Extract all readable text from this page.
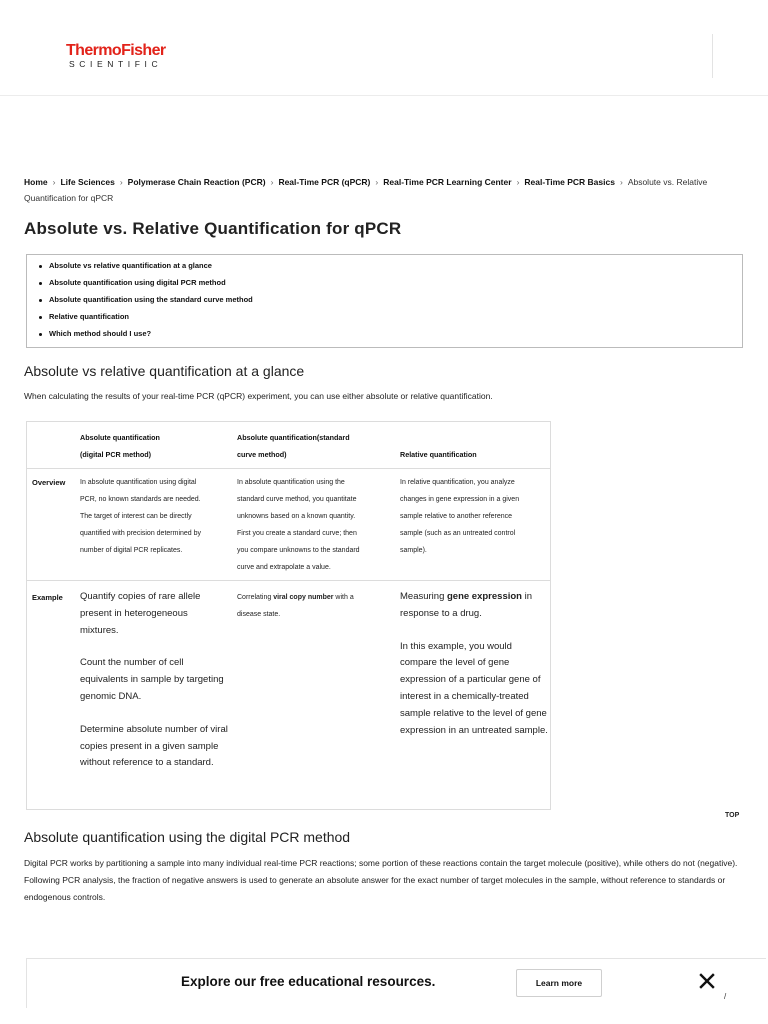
ThermoFisher
SCIENTIFIC
Home › Life Sciences › Polymerase Chain Reaction (PCR) › Real-Time PCR (qPCR) › Real-Time PCR Learning Center › Real-Time PCR Basics › Absolute vs. Relative Quantification for qPCR
Absolute vs. Relative Quantification for qPCR
Absolute vs relative quantification at a glance
Absolute quantification using digital PCR method
Absolute quantification using the standard curve method
Relative quantification
Which method should I use?
Absolute vs relative quantification at a glance

When calculating the results of your real-time PCR (qPCR) experiment, you can use either absolute or relative quantification.

Absolute quantification
(digital PCR method)
Absolute quantification(standard
curve method)	Relative quantification
Overview In absolute quantification using digital
PCR, no known standards are needed.
The target of interest can be directly
quantified with precision determined by
number of digital PCR replicates.
In absolute quantification using the
standard curve method, you quantitate
unknowns based on a known quantity.
First you create a standard curve; then
you compare unknowns to the standard
curve and extrapolate a value.
In relative quantification, you analyze
changes in gene expression in a given
sample relative to another reference
sample (such as an untreated control
sample).
Example Quantify copies of rare allele present in heterogeneous mixtures.

Count the number of cell equivalents in sample by targeting genomic DNA.

Determine absolute number of viral copies present in a given sample without reference to a standard.

Correlating viral copy number with a
disease state.

Measuring gene expression in response to a drug.

In this example, you would compare the level of gene expression of a particular gene of interest in a chemically-treated sample relative to the level of gene expression in an untreated sample.

TOP
Absolute quantification using the digital PCR method

Digital PCR works by partitioning a sample into many individual real-time PCR reactions; some portion of these reactions contain the target molecule (positive), while others do not (negative). Following PCR analysis, the fraction of negative answers is used to generate an absolute answer for the exact number of target molecules in the sample, without reference to standards or endogenous controls.

Explore our free educational resources.	Learn more
/
